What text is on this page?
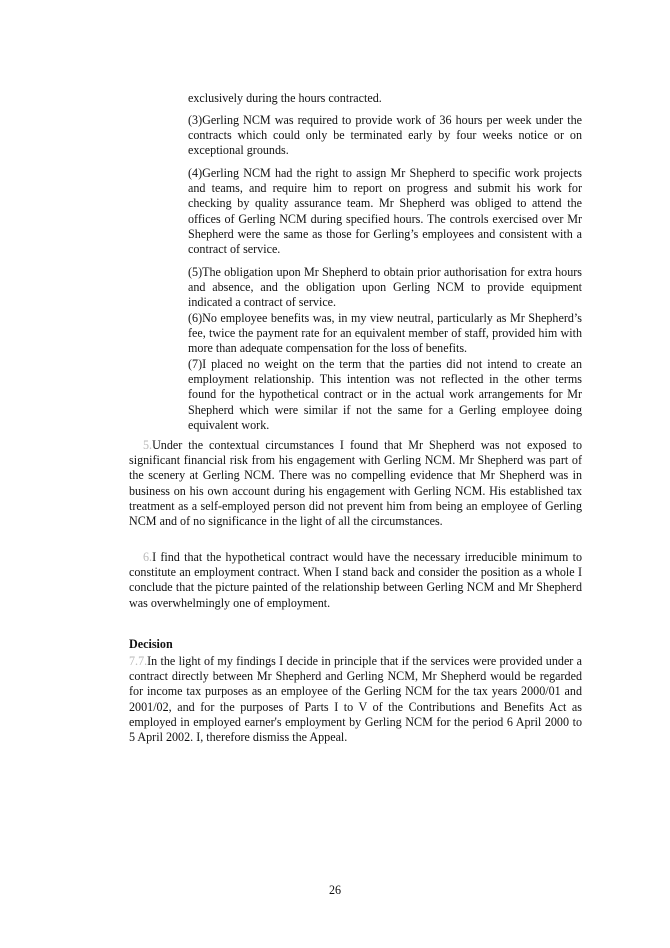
exclusively during the hours contracted.
(3)Gerling NCM was required to provide work of 36 hours per week under the contracts which could only be terminated early by four weeks notice or on exceptional grounds.
(4)Gerling NCM had the right to assign Mr Shepherd to specific work projects and teams, and require him to report on progress and submit his work for checking by quality assurance team. Mr Shepherd was obliged to attend the offices of Gerling NCM during specified hours. The controls exercised over Mr Shepherd were the same as those for Gerling’s employees and consistent with a contract of service.
(5)The obligation upon Mr Shepherd to obtain prior authorisation for extra hours and absence, and the obligation upon Gerling NCM to provide equipment indicated a contract of service.
(6)No employee benefits was, in my view neutral, particularly as Mr Shepherd’s fee, twice the payment rate for an equivalent member of staff, provided him with more than adequate compensation for the loss of benefits.
(7)I placed no weight on the term that the parties did not intend to create an employment relationship. This intention was not reflected in the other terms found for the hypothetical contract or in the actual work arrangements for Mr Shepherd which were similar if not the same for a Gerling employee doing equivalent work.
5.Under the contextual circumstances I found that Mr Shepherd was not exposed to significant financial risk from his engagement with Gerling NCM. Mr Shepherd was part of the scenery at Gerling NCM. There was no compelling evidence that Mr Shepherd was in business on his own account during his engagement with Gerling NCM. His established tax treatment as a self-employed person did not prevent him from being an employee of Gerling NCM and of no significance in the light of all the circumstances.
6.I find that the hypothetical contract would have the necessary irreducible minimum to constitute an employment contract. When I stand back and consider the position as a whole I conclude that the picture painted of the relationship between Gerling NCM and Mr Shepherd was overwhelmingly one of employment.
Decision
7.7.In the light of my findings I decide in principle that if the services were provided under a contract directly between Mr Shepherd and Gerling NCM, Mr Shepherd would be regarded for income tax purposes as an employee of the Gerling NCM for the tax years 2000/01 and 2001/02, and for the purposes of Parts I to V of the Contributions and Benefits Act as employed in employed earner's employment by Gerling NCM for the period 6 April 2000 to 5 April 2002. I, therefore dismiss the Appeal.
26
